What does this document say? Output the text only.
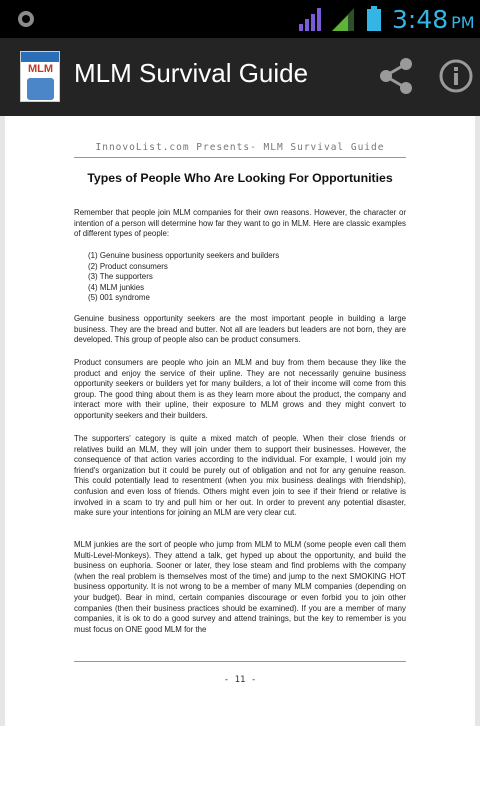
3:48 PM
MLM MLM Survival Guide
InnovoList.com Presents- MLM Survival Guide
Types of People Who Are Looking For Opportunities

Remember that people join MLM companies for their own reasons. However, the character or intention of a person will determine how far they want to go in MLM. Here are classic examples of different types of people:

(1) Genuine business opportunity seekers and builders
(2) Product consumers
(3) The supporters
(4) MLM junkies
(5) 001 syndrome

Genuine business opportunity seekers are the most important people in building a large business. They are the bread and butter. Not all are leaders but leaders are not born, they are developed. This group of people also can be product consumers.

Product consumers are people who join an MLM and buy from them because they like the product and enjoy the service of their upline. They are not necessarily genuine business opportunity seekers or builders yet for many builders, a lot of their income will come from this group. The good thing about them is as they learn more about the product, the company and interact more with their upline, their exposure to MLM grows and they might convert to opportunity seekers and their builders.

The supporters' category is quite a mixed match of people. When their close friends or relatives build an MLM, they will join under them to support their businesses. However, the consequence of that action varies according to the individual. For example, I would join my friend's organization but it could be purely out of obligation and not for any genuine reason. This could potentially lead to resentment (when you mix business dealings with friendship), confusion and even loss of friends. Others might even join to see if their friend or relative is involved in a scam to try and pull him or her out. In order to prevent any potential disaster, make sure your intentions for joining an MLM are very clear cut.

MLM junkies are the sort of people who jump from MLM to MLM (some people even call them Multi-Level-Monkeys). They attend a talk, get hyped up about the opportunity, and build the business on euphoria. Sooner or later, they lose steam and find problems with the company (when the real problem is themselves most of the time) and jump to the next SMOKING HOT business opportunity. It is not wrong to be a member of many MLM companies (depending on your budget). Bear in mind, certain companies discourage or even forbid you to join other companies (then their business practices should be examined). If you are a member of many companies, it is ok to do a good survey and attend trainings, but the key to remember is you must focus on ONE good MLM for the

- 11 -
